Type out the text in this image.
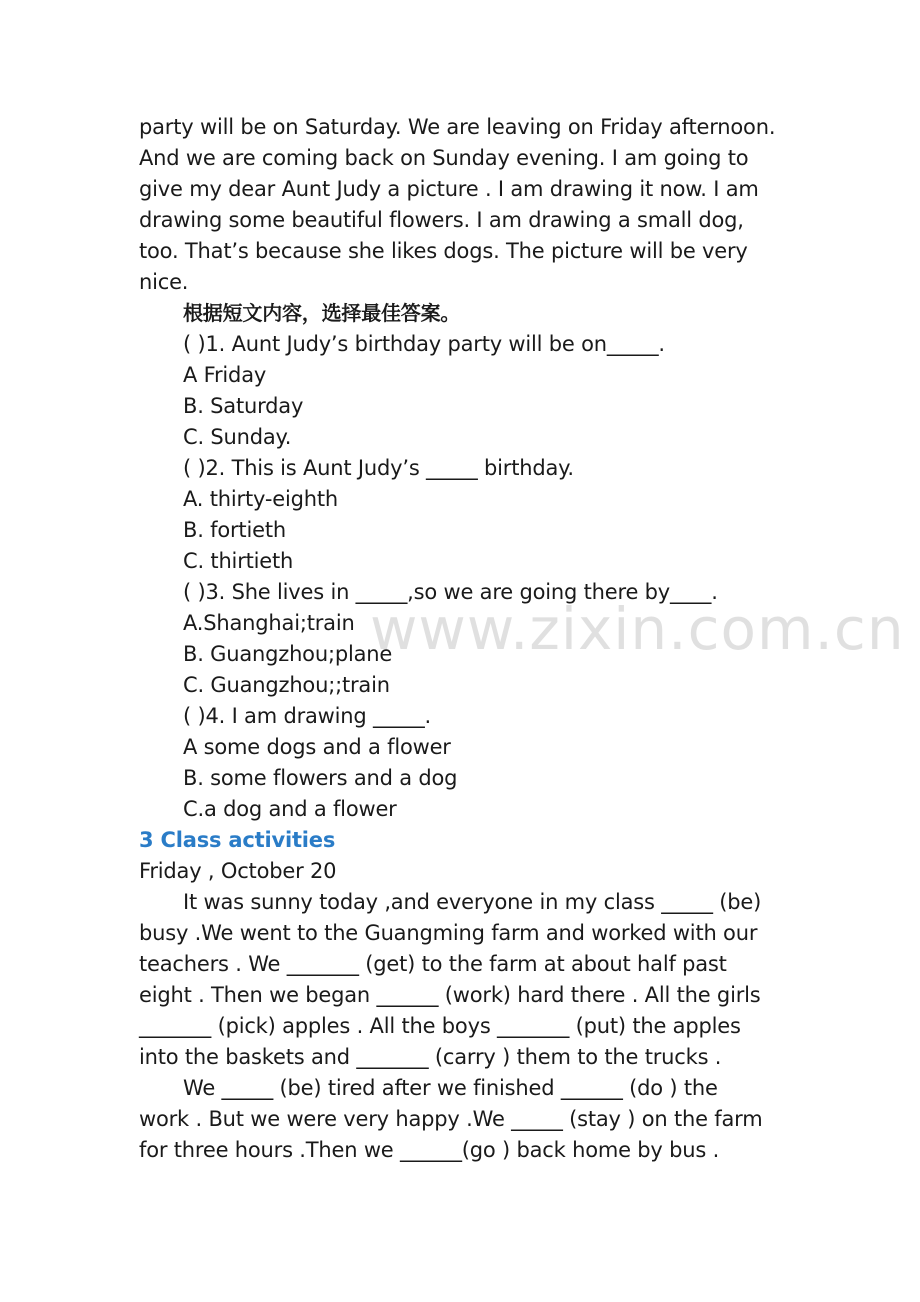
party will be on Saturday. We are leaving on Friday afternoon.
And we are coming back on Sunday evening. I am going to
give my dear Aunt Judy a picture . I am drawing it now. I am
drawing some beautiful flowers. I am drawing a small dog,
too. That’s because she likes dogs. The picture will be very
nice.
根据短文内容，选择最佳答案。
( )1. Aunt Judy’s birthday party will be on_____.
A Friday
B. Saturday
C. Sunday.
( )2. This is Aunt Judy’s _____ birthday.
A. thirty-eighth
B. fortieth
C. thirtieth
( )3. She lives in _____,so we are going there by____.
A.Shanghai;train
B. Guangzhou;plane
C. Guangzhou;;train
( )4. I am drawing _____.
A some dogs and a flower
B. some flowers and a dog
C.a dog and a flower
3 Class activities
Friday , October 20
It was sunny today ,and everyone in my class _____ (be)
busy .We went to the Guangming farm and worked with our
teachers . We _______ (get) to the farm at about half past
eight . Then we began ______ (work) hard there . All the girls
_______ (pick) apples . All the boys _______ (put) the apples
into the baskets and _______ (carry ) them to the trucks .
We _____ (be) tired after we finished ______ (do ) the
work . But we were very happy .We _____ (stay ) on the farm
for three hours .Then we ______(go ) back home by bus .
www.zixin.com.cn
